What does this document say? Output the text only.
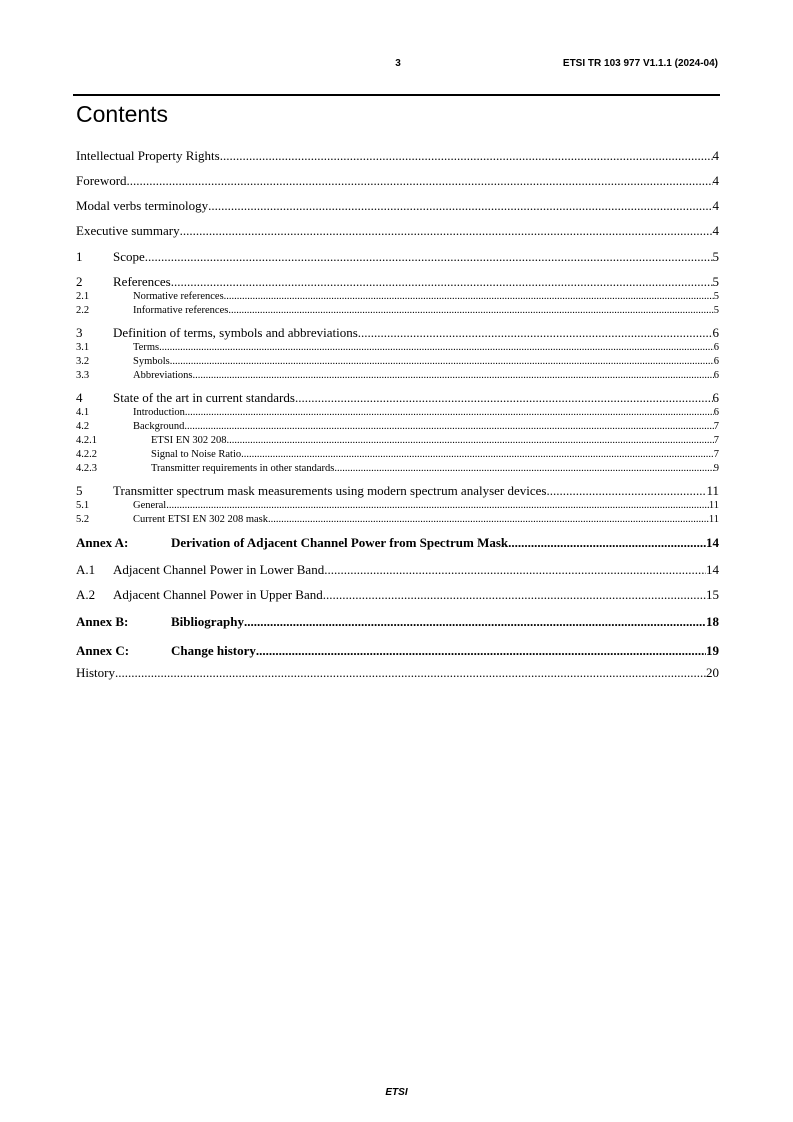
3	ETSI TR 103 977 V1.1.1 (2024-04)
Contents
Intellectual Property Rights .....	4
Foreword .....	4
Modal verbs terminology .....	4
Executive summary .....	4
1	Scope .....	5
2	References .....	5
2.1	Normative references .....	5
2.2	Informative references .....	5
3	Definition of terms, symbols and abbreviations .....	6
3.1	Terms .....	6
3.2	Symbols .....	6
3.3	Abbreviations .....	6
4	State of the art in current standards .....	6
4.1	Introduction .....	6
4.2	Background .....	7
4.2.1	ETSI EN 302 208 .....	7
4.2.2	Signal to Noise Ratio .....	7
4.2.3	Transmitter requirements in other standards .....	9
5	Transmitter spectrum mask measurements using modern spectrum analyser devices .....	11
5.1	General .....	11
5.2	Current ETSI EN 302 208 mask .....	11
Annex A:	Derivation of Adjacent Channel Power from Spectrum Mask .....	14
A.1	Adjacent Channel Power in Lower Band .....	14
A.2	Adjacent Channel Power in Upper Band .....	15
Annex B:	Bibliography .....	18
Annex C:	Change history .....	19
History .....	20
ETSI
